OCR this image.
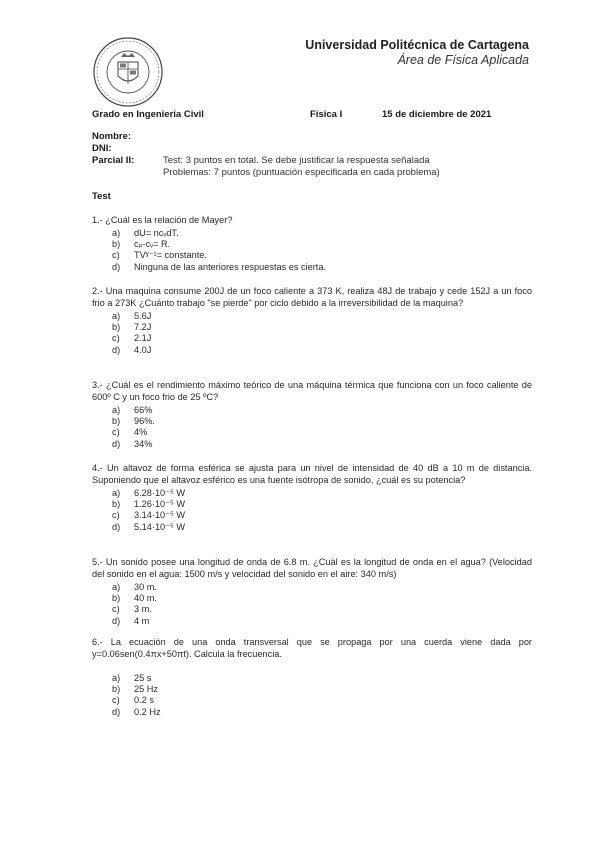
Universidad Politécnica de Cartagena
Área de Física Aplicada
Grado en Ingeniería Civil	Física I	15 de diciembre de 2021
Nombre:
DNI:
Parcial II:	Test: 3 puntos en total. Se debe justificar la respuesta señalada
Problemas: 7 puntos (puntuación especificada en cada problema)
Test
1.- ¿Cuál es la relación de Mayer?
a)	dU= ncᵥdT.
b)	cₚ-cᵥ= R.
c)	TVˠ⁻¹= constante.
d)	Ninguna de las anteriores respuestas es cierta.
2.- Una maquina consume 200J de un foco caliente a 373 K, realiza 48J de trabajo y cede 152J a un foco frio a 273K ¿Cuánto trabajo "se pierde" por ciclo debido a la irreversibilidad de la maquina?
a)	5.6J
b)	7.2J
c)	2.1J
d)	4.0J
3.- ¿Cuál es el rendimiento máximo teórico de una máquina térmica que funciona con un foco caliente de 600º C y un foco frio de 25 ºC?
a)	66%
b)	96%.
c)	4%
d)	34%
4.- Un altavoz de forma esférica se ajusta para un nivel de intensidad de 40 dB a 10 m de distancia. Suponiendo que el altavoz esférico es una fuente isótropa de sonido, ¿cuál es su potencia?
a)	6.28·10⁻⁵ W
b)	1.26·10⁻⁵ W
c)	3.14·10⁻⁵ W
d)	5.14·10⁻⁵ W
5.- Un sonido posee una longitud de onda de 6.8 m. ¿Cuál es la longitud de onda en el agua? (Velocidad del sonido en el agua: 1500 m/s y velocidad del sonido en el aire: 340 m/s)
a)	30 m.
b)	40 m.
c)	3 m.
d)	4 m
6.- La ecuación de una onda transversal que se propaga por una cuerda viene dada por y=0.06sen(0.4πx+50πt). Calcula la frecuencia.
a)	25 s
b)	25 Hz
c)	0.2 s
d)	0.2 Hz
